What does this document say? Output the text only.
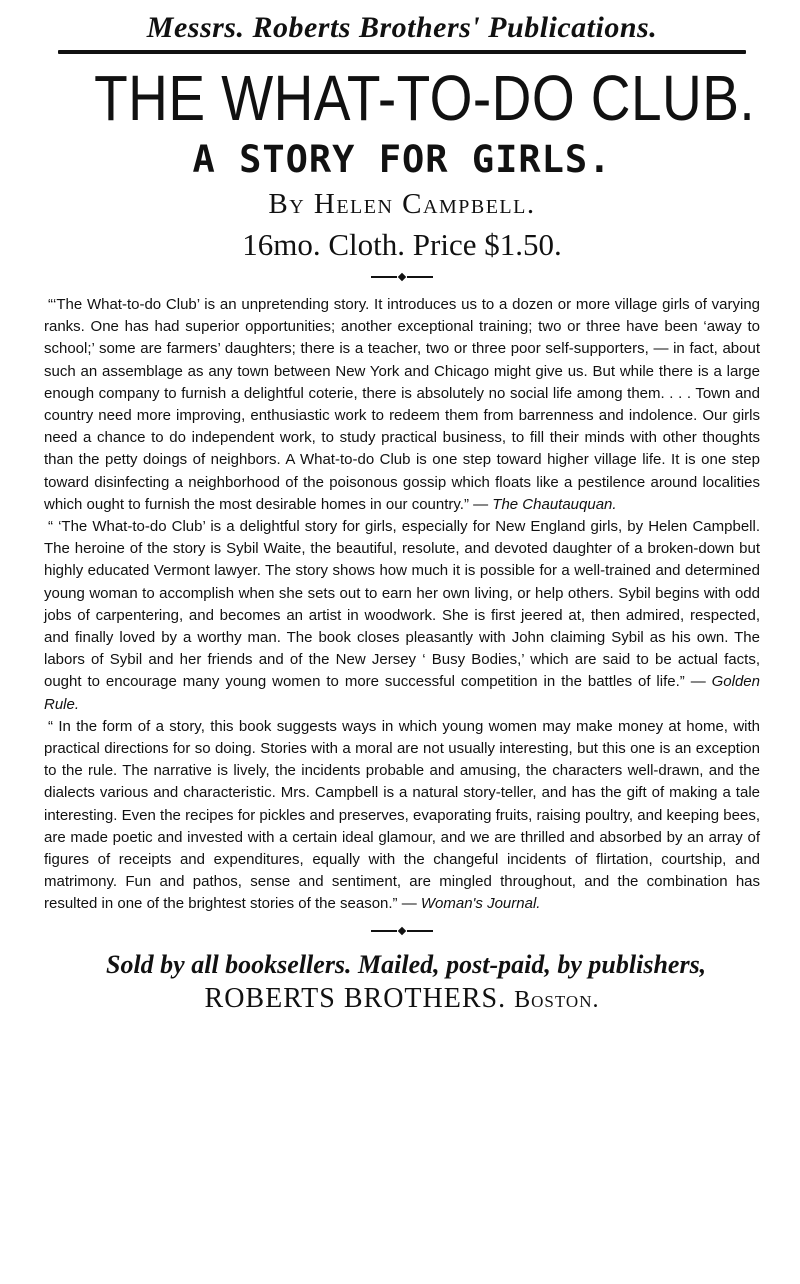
Messrs. Roberts Brothers' Publications.
THE WHAT-TO-DO CLUB.
A STORY FOR GIRLS.
By Helen Campbell.
16mo. Cloth. Price $1.50.

“‘The What-to-do Club’ is an unpretending story. It introduces us to a dozen or more village girls of varying ranks. One has had superior opportunities; another exceptional training; two or three have been ‘away to school;’ some are farmers’ daughters; there is a teacher, two or three poor self-supporters, — in fact, about such an assemblage as any town between New York and Chicago might give us. But while there is a large enough company to furnish a delightful coterie, there is absolutely no social life among them. . . . Town and country need more improving, enthusiastic work to redeem them from barrenness and indolence. Our girls need a chance to do independent work, to study practical business, to fill their minds with other thoughts than the petty doings of neighbors. A What-to-do Club is one step toward higher village life. It is one step toward disinfecting a neighborhood of the poisonous gossip which floats like a pestilence around localities which ought to furnish the most desirable homes in our country.” — The Chautauquan.

“ ‘The What-to-do Club’ is a delightful story for girls, especially for New England girls, by Helen Campbell. The heroine of the story is Sybil Waite, the beautiful, resolute, and devoted daughter of a broken-down but highly educated Vermont lawyer. The story shows how much it is possible for a well-trained and determined young woman to accomplish when she sets out to earn her own living, or help others. Sybil begins with odd jobs of carpentering, and becomes an artist in woodwork. She is first jeered at, then admired, respected, and finally loved by a worthy man. The book closes pleasantly with John claiming Sybil as his own. The labors of Sybil and her friends and of the New Jersey ‘ Busy Bodies,’ which are said to be actual facts, ought to encourage many young women to more successful competition in the battles of life.” — Golden Rule.

“ In the form of a story, this book suggests ways in which young women may make money at home, with practical directions for so doing. Stories with a moral are not usually interesting, but this one is an exception to the rule. The narrative is lively, the incidents probable and amusing, the characters well-drawn, and the dialects various and characteristic. Mrs. Campbell is a natural story-teller, and has the gift of making a tale interesting. Even the recipes for pickles and preserves, evaporating fruits, raising poultry, and keeping bees, are made poetic and invested with a certain ideal glamour, and we are thrilled and absorbed by an array of figures of receipts and expenditures, equally with the changeful incidents of flirtation, courtship, and matrimony. Fun and pathos, sense and sentiment, are mingled throughout, and the combination has resulted in one of the brightest stories of the season.” — Woman's Journal.

Sold by all booksellers. Mailed, post-paid, by publishers,
ROBERTS BROTHERS. Boston.
